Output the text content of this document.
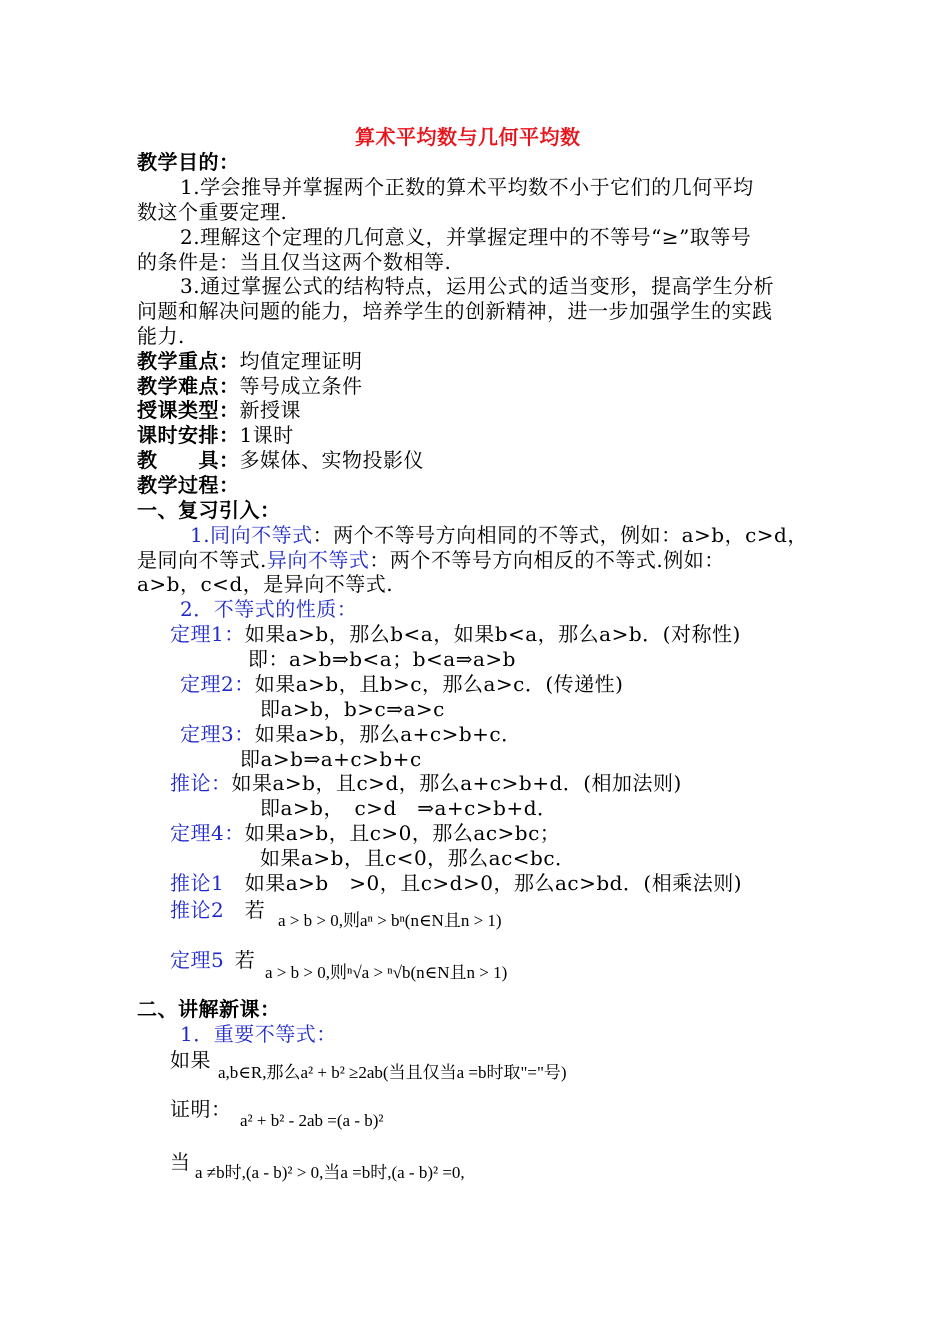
算术平均数与几何平均数
教学目的：
1.学会推导并掌握两个正数的算术平均数不小于它们的几何平均
数这个重要定理.
2.理解这个定理的几何意义，并掌握定理中的不等号“≥”取等号
的条件是：当且仅当这两个数相等.
3.通过掌握公式的结构特点，运用公式的适当变形，提高学生分析
问题和解决问题的能力，培养学生的创新精神，进一步加强学生的实践
能力.
教学重点：均值定理证明
教学难点：等号成立条件
授课类型：新授课
课时安排：1课时
教　　具：多媒体、实物投影仪
教学过程：
一、复习引入：
1.同向不等式：两个不等号方向相同的不等式，例如：a>b，c>d，
是同向不等式.异向不等式：两个不等号方向相反的不等式.例如：
a>b，c<d，是异向不等式.
2．不等式的性质：
定理1：如果a>b，那么b<a，如果b<a，那么a>b．(对称性)
即：a>b⇒b<a；b<a⇒a>b
定理2：如果a>b，且b>c，那么a>c．(传递性)
即a>b，b>c⇒a>c
定理3：如果a>b，那么a+c>b+c．
即a>b⇒a+c>b+c
推论：如果a>b，且c>d，那么a+c>b+d．(相加法则)
即a>b，　c>d　⇒a+c>b+d．
定理4：如果a>b，且c>0，那么ac>bc；
如果a>b，且c<0，那么ac<bc．
推论1　 如果a>b　>0，且c>d>0，那么ac>bd．(相乘法则)
推论2　 若 a > b > 0,则aⁿ > bⁿ(n∈N且n > 1)
定理5  若
a > b > 0,则ⁿ√a > ⁿ√b(n∈N且n > 1)
二、讲解新课：
1．重要不等式：
如果
a,b∈R,那么a² + b² ≥2ab(当且仅当a =b时取"="号)
证明： a² + b² - 2ab =(a - b)²
当 a ≠b时,(a - b)² > 0,当a =b时,(a - b)² =0,
